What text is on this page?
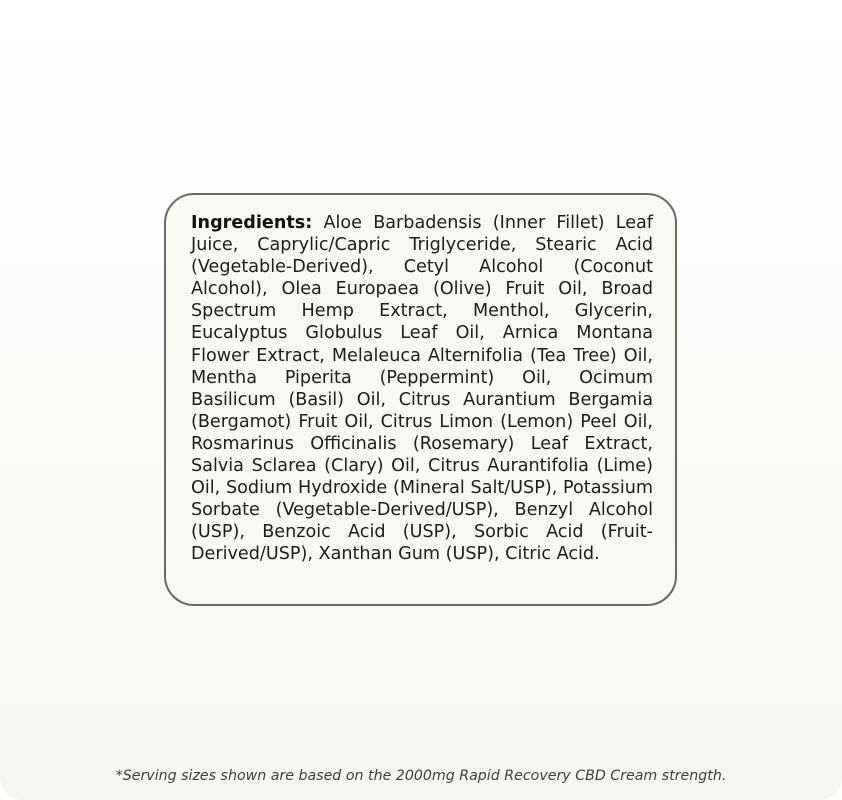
Ingredients: Aloe Barbadensis (Inner Fillet) Leaf Juice, Caprylic/Capric Triglyceride, Stearic Acid (Vegetable-Derived), Cetyl Alcohol (Coconut Alcohol), Olea Europaea (Olive) Fruit Oil, Broad Spectrum Hemp Extract, Menthol, Glycerin, Eucalyptus Globulus Leaf Oil, Arnica Montana Flower Extract, Melaleuca Alternifolia (Tea Tree) Oil, Mentha Piperita (Peppermint) Oil, Ocimum Basilicum (Basil) Oil, Citrus Aurantium Bergamia (Bergamot) Fruit Oil, Citrus Limon (Lemon) Peel Oil, Rosmarinus Officinalis (Rosemary) Leaf Extract, Salvia Sclarea (Clary) Oil, Citrus Aurantifolia (Lime) Oil, Sodium Hydroxide (Mineral Salt/USP), Potassium Sorbate (Vegetable-Derived/USP), Benzyl Alcohol (USP), Benzoic Acid (USP), Sorbic Acid (Fruit-Derived/USP), Xanthan Gum (USP), Citric Acid.

*Serving sizes shown are based on the 2000mg Rapid Recovery CBD Cream strength.
